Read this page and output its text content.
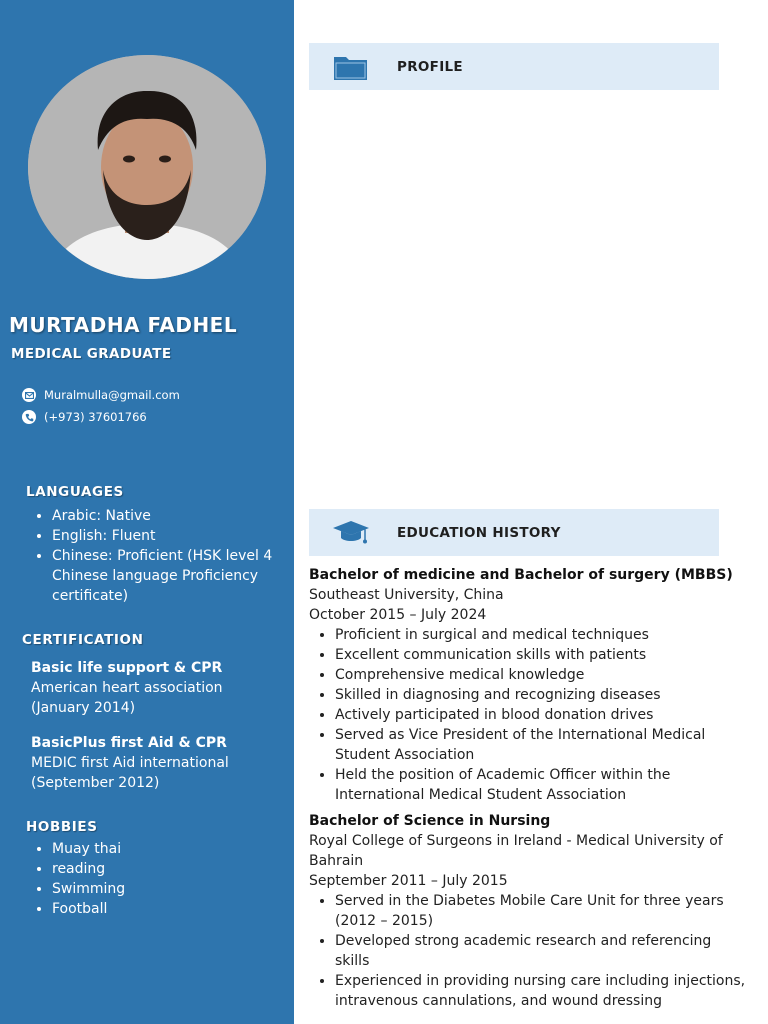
MURTADHA FADHEL
MEDICAL GRADUATE
Muralmulla@gmail.com
(+973) 37601766
LANGUAGES
• Arabic: Native
• English: Fluent
• Chinese: Proficient (HSK level 4 Chinese language Proficiency certificate)
CERTIFICATION
Basic life support & CPR
American heart association
(January 2014)
BasicPlus first Aid & CPR
MEDIC first Aid international
(September 2012)
HOBBIES
• Muay thai
• reading
• Swimming
• Football
PROFILE
EDUCATION HISTORY
Bachelor of medicine and Bachelor of surgery (MBBS)
Southeast University, China
October 2015 – July 2024
• Proficient in surgical and medical techniques
• Excellent communication skills with patients
• Comprehensive medical knowledge
• Skilled in diagnosing and recognizing diseases
• Actively participated in blood donation drives
• Served as Vice President of the International Medical Student Association
• Held the position of Academic Officer within the International Medical Student Association
Bachelor of Science in Nursing
Royal College of Surgeons in Ireland - Medical University of Bahrain
September 2011 – July 2015
• Served in the Diabetes Mobile Care Unit for three years (2012 – 2015)
• Developed strong academic research and referencing skills
• Experienced in providing nursing care including injections, intravenous cannulations, and wound dressing
